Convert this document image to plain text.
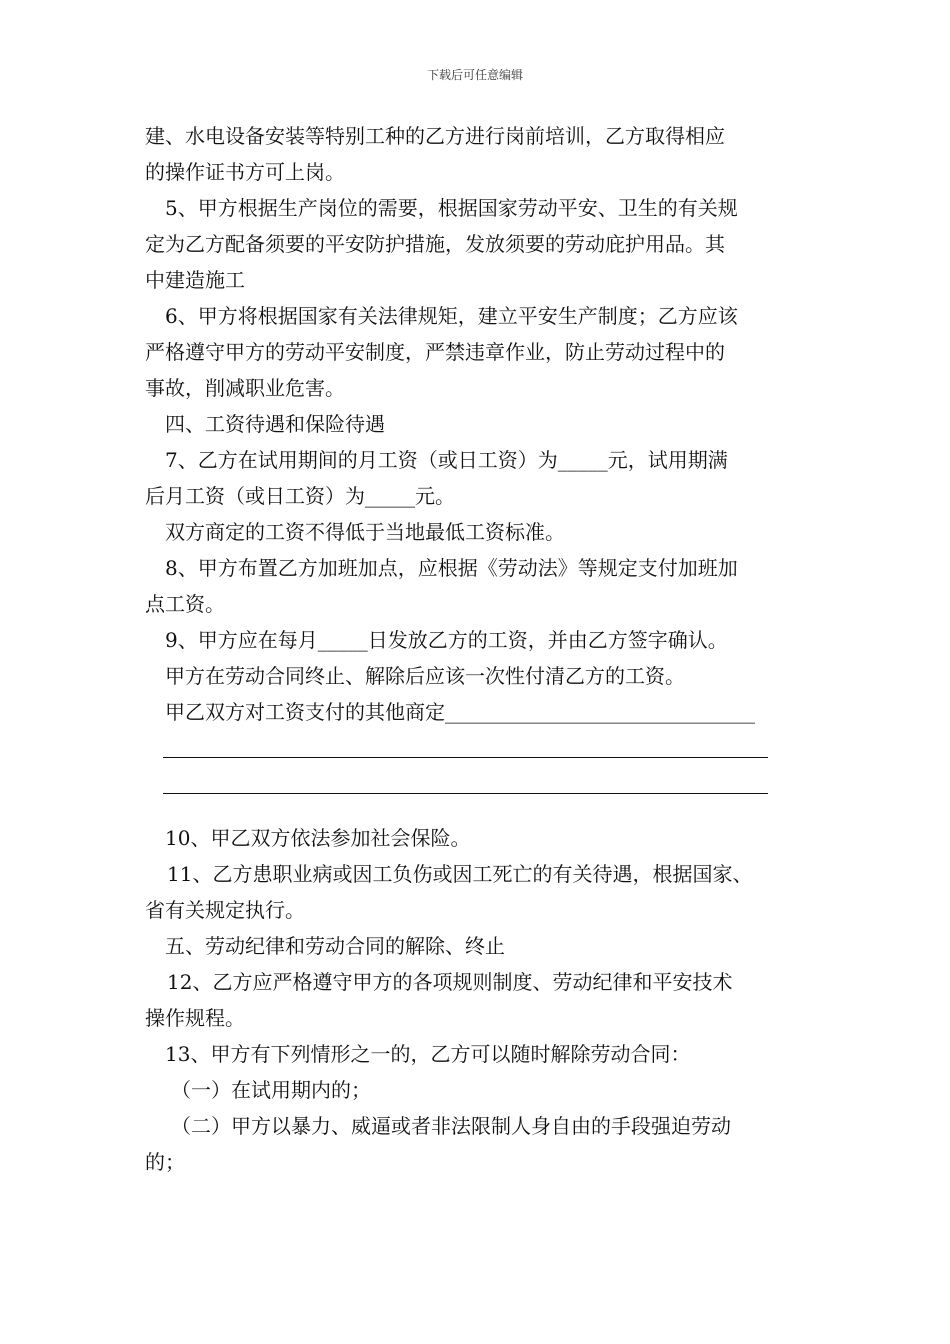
下载后可任意编辑
建、水电设备安装等特别工种的乙方进行岗前培训，乙方取得相应
的操作证书方可上岗。
5、甲方根据生产岗位的需要，根据国家劳动平安、卫生的有关规
定为乙方配备须要的平安防护措施，发放须要的劳动庇护用品。其
中建造施工
6、甲方将根据国家有关法律规矩，建立平安生产制度；乙方应该
严格遵守甲方的劳动平安制度，严禁违章作业，防止劳动过程中的
事故，削减职业危害。
四、工资待遇和保险待遇
7、乙方在试用期间的月工资（或日工资）为_____元，试用期满
后月工资（或日工资）为_____元。
双方商定的工资不得低于当地最低工资标准。
8、甲方布置乙方加班加点，应根据《劳动法》等规定支付加班加
点工资。
9、甲方应在每月_____日发放乙方的工资，并由乙方签字确认。
甲方在劳动合同终止、解除后应该一次性付清乙方的工资。
甲乙双方对工资支付的其他商定_______________________________
10、甲乙双方依法参加社会保险。
11、乙方患职业病或因工负伤或因工死亡的有关待遇，根据国家、
省有关规定执行。
五、劳动纪律和劳动合同的解除、终止
12、乙方应严格遵守甲方的各项规则制度、劳动纪律和平安技术
操作规程。
13、甲方有下列情形之一的，乙方可以随时解除劳动合同：
（一）在试用期内的；
（二）甲方以暴力、威逼或者非法限制人身自由的手段强迫劳动
的；
